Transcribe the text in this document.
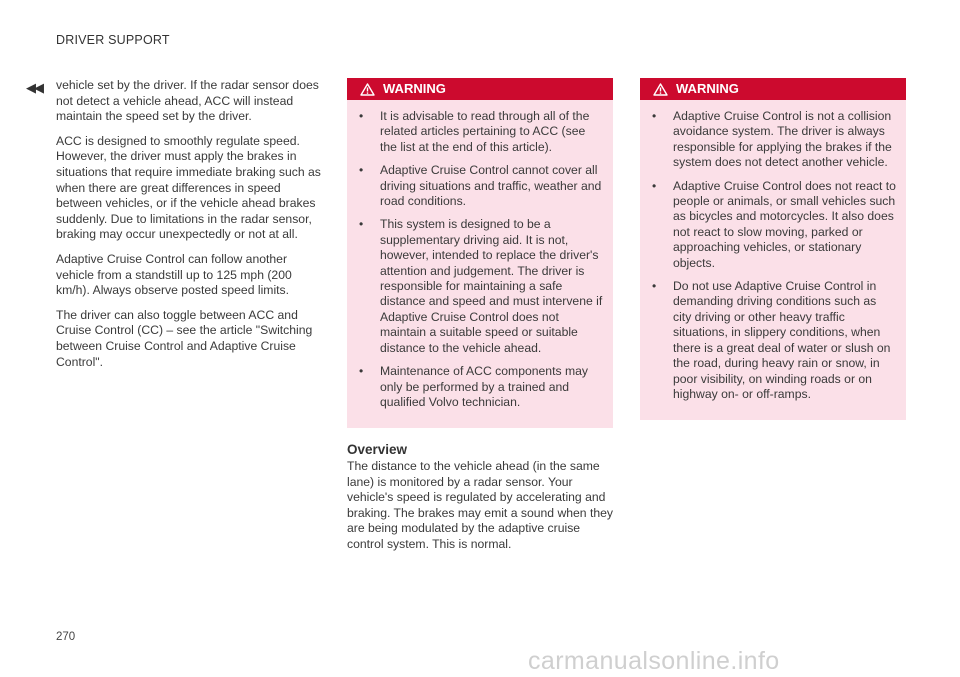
DRIVER SUPPORT
◀◀ vehicle set by the driver. If the radar sensor does not detect a vehicle ahead, ACC will instead maintain the speed set by the driver.

ACC is designed to smoothly regulate speed. However, the driver must apply the brakes in situations that require immediate braking such as when there are great differences in speed between vehicles, or if the vehicle ahead brakes suddenly. Due to limitations in the radar sensor, braking may occur unexpectedly or not at all.

Adaptive Cruise Control can follow another vehicle from a standstill up to 125 mph (200 km/h). Always observe posted speed limits.

The driver can also toggle between ACC and Cruise Control (CC) – see the article "Switching between Cruise Control and Adaptive Cruise Control".

WARNING
• It is advisable to read through all of the related articles pertaining to ACC (see the list at the end of this article).
• Adaptive Cruise Control cannot cover all driving situations and traffic, weather and road conditions.
• This system is designed to be a supplementary driving aid. It is not, however, intended to replace the driver's attention and judgement. The driver is responsible for maintaining a safe distance and speed and must intervene if Adaptive Cruise Control does not maintain a suitable speed or suitable distance to the vehicle ahead.
• Maintenance of ACC components may only be performed by a trained and qualified Volvo technician.
Overview

The distance to the vehicle ahead (in the same lane) is monitored by a radar sensor. Your vehicle's speed is regulated by accelerating and braking. The brakes may emit a sound when they are being modulated by the adaptive cruise control system. This is normal.

WARNING
• Adaptive Cruise Control is not a collision avoidance system. The driver is always responsible for applying the brakes if the system does not detect another vehicle.
• Adaptive Cruise Control does not react to people or animals, or small vehicles such as bicycles and motorcycles. It also does not react to slow moving, parked or approaching vehicles, or stationary objects.
• Do not use Adaptive Cruise Control in demanding driving conditions such as city driving or other heavy traffic situations, in slippery conditions, when there is a great deal of water or slush on the road, during heavy rain or snow, in poor visibility, on winding roads or on highway on- or off-ramps.
270
carmanualsonline.info
